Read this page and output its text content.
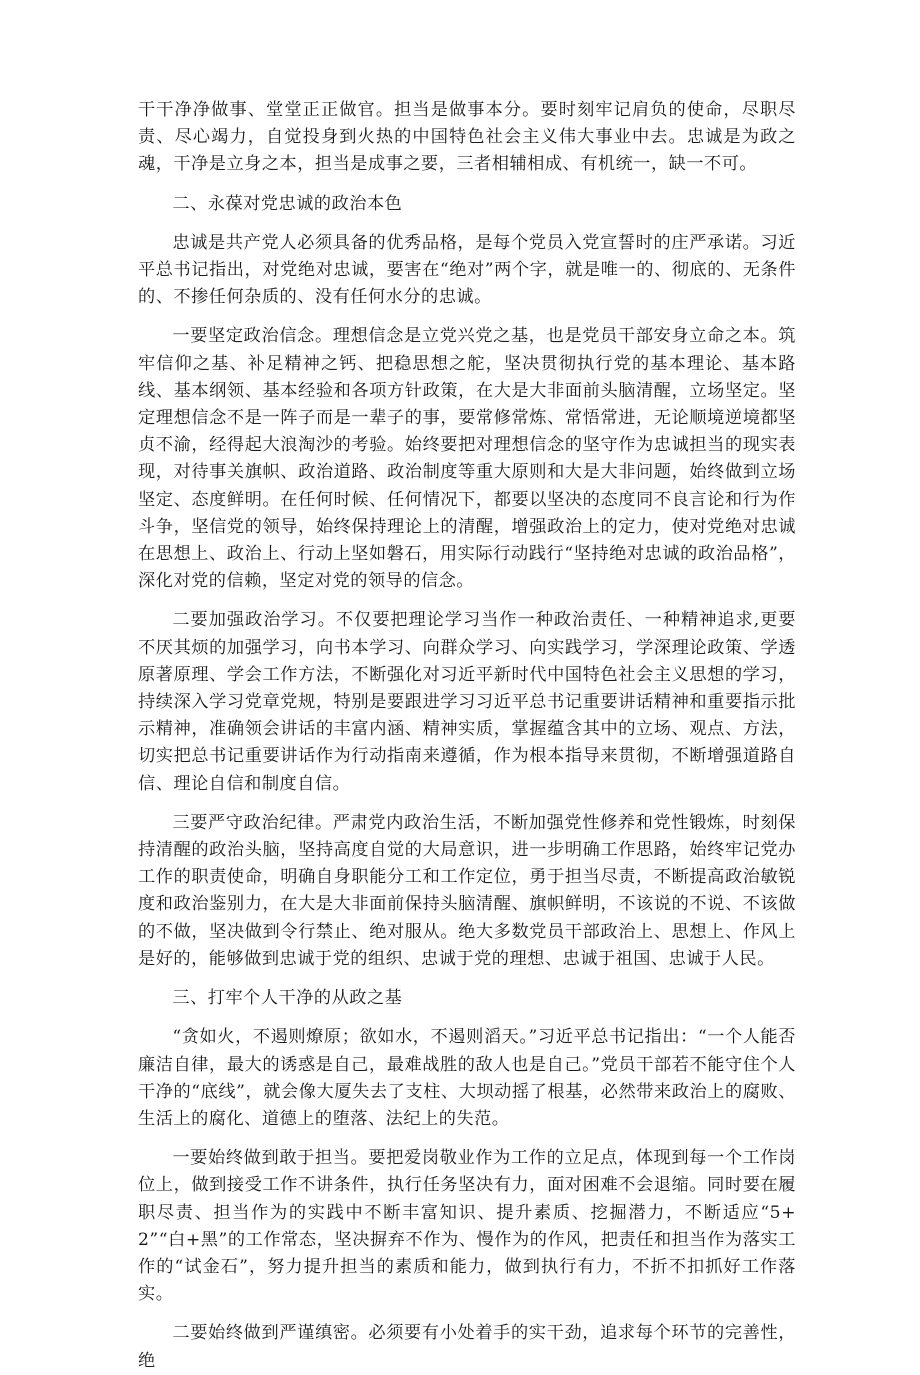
干干净净做事、堂堂正正做官。担当是做事本分。要时刻牢记肩负的使命，尽职尽责、尽心竭力，自觉投身到火热的中国特色社会主义伟大事业中去。忠诚是为政之魂，干净是立身之本，担当是成事之要，三者相辅相成、有机统一，缺一不可。

二、永葆对党忠诚的政治本色

忠诚是共产党人必须具备的优秀品格，是每个党员入党宣誓时的庄严承诺。习近平总书记指出，对党绝对忠诚，要害在“绝对”两个字，就是唯一的、彻底的、无条件的、不掺任何杂质的、没有任何水分的忠诚。

一要坚定政治信念。理想信念是立党兴党之基，也是党员干部安身立命之本。筑牢信仰之基、补足精神之钙、把稳思想之舵，坚决贯彻执行党的基本理论、基本路线、基本纲领、基本经验和各项方针政策，在大是大非面前头脑清醒，立场坚定。坚定理想信念不是一阵子而是一辈子的事，要常修常炼、常悟常进，无论顺境逆境都坚贞不渝，经得起大浪淘沙的考验。始终要把对理想信念的坚守作为忠诚担当的现实表现，对待事关旗帜、政治道路、政治制度等重大原则和大是大非问题，始终做到立场坚定、态度鲜明。在任何时候、任何情况下，都要以坚决的态度同不良言论和行为作斗争，坚信党的领导，始终保持理论上的清醒，增强政治上的定力，使对党绝对忠诚在思想上、政治上、行动上坚如磐石，用实际行动践行“坚持绝对忠诚的政治品格”，深化对党的信赖，坚定对党的领导的信念。

二要加强政治学习。不仅要把理论学习当作一种政治责任、一种精神追求,更要不厌其烦的加强学习，向书本学习、向群众学习、向实践学习，学深理论政策、学透原著原理、学会工作方法，不断强化对习近平新时代中国特色社会主义思想的学习，持续深入学习党章党规，特别是要跟进学习习近平总书记重要讲话精神和重要指示批示精神，准确领会讲话的丰富内涵、精神实质，掌握蕴含其中的立场、观点、方法，切实把总书记重要讲话作为行动指南来遵循，作为根本指导来贯彻，不断增强道路自信、理论自信和制度自信。

三要严守政治纪律。严肃党内政治生活，不断加强党性修养和党性锻炼，时刻保持清醒的政治头脑，坚持高度自觉的大局意识，进一步明确工作思路，始终牢记党办工作的职责使命，明确自身职能分工和工作定位，勇于担当尽责，不断提高政治敏锐度和政治鉴别力，在大是大非面前保持头脑清醒、旗帜鲜明，不该说的不说、不该做的不做，坚决做到令行禁止、绝对服从。绝大多数党员干部政治上、思想上、作风上是好的，能够做到忠诚于党的组织、忠诚于党的理想、忠诚于祖国、忠诚于人民。

三、打牢个人干净的从政之基

“贪如火，不遏则燎原；欲如水，不遏则滔天。”习近平总书记指出：“一个人能否廉洁自律，最大的诱惑是自己，最难战胜的敌人也是自己。”党员干部若不能守住个人干净的“底线”，就会像大厦失去了支柱、大坝动摇了根基，必然带来政治上的腐败、生活上的腐化、道德上的堕落、法纪上的失范。

一要始终做到敢于担当。要把爱岗敬业作为工作的立足点，体现到每一个工作岗位上，做到接受工作不讲条件，执行任务坚决有力，面对困难不会退缩。同时要在履职尽责、担当作为的实践中不断丰富知识、提升素质、挖掘潜力，不断适应“5+2”“白+黑”的工作常态，坚决摒弃不作为、慢作为的作风，把责任和担当作为落实工作的“试金石”，努力提升担当的素质和能力，做到执行有力，不折不扣抓好工作落实。

二要始终做到严谨缜密。必须要有小处着手的实干劲，追求每个环节的完善性，绝
